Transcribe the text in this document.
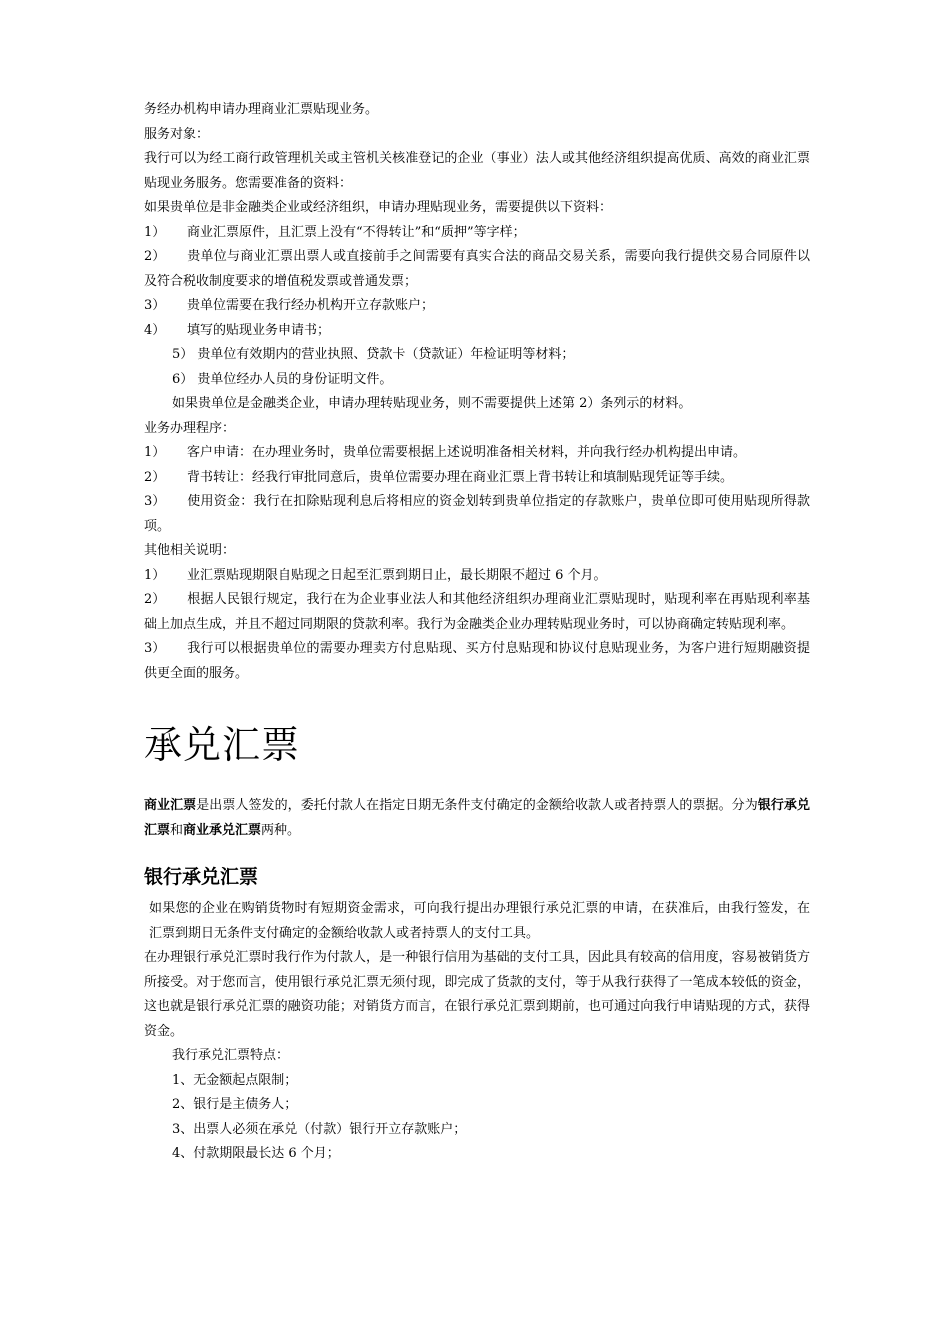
务经办机构申请办理商业汇票贴现业务。

服务对象：

我行可以为经工商行政管理机关或主管机关核准登记的企业（事业）法人或其他经济组织提高优质、高效的商业汇票贴现业务服务。您需要准备的资料：

如果贵单位是非金融类企业或经济组织，申请办理贴现业务，需要提供以下资料：

1） 商业汇票原件，且汇票上没有“不得转让”和“质押”等字样；

2） 贵单位与商业汇票出票人或直接前手之间需要有真实合法的商品交易关系，需要向我行提供交易合同原件以及符合税收制度要求的增值税发票或普通发票；

3） 贵单位需要在我行经办机构开立存款账户；

4） 填写的贴现业务申请书；

5） 贵单位有效期内的营业执照、贷款卡（贷款证）年检证明等材料；

6） 贵单位经办人员的身份证明文件。

如果贵单位是金融类企业，申请办理转贴现业务，则不需要提供上述第 2）条列示的材料。

业务办理程序：

1） 客户申请：在办理业务时，贵单位需要根据上述说明准备相关材料，并向我行经办机构提出申请。

2） 背书转让：经我行审批同意后，贵单位需要办理在商业汇票上背书转让和填制贴现凭证等手续。

3） 使用资金：我行在扣除贴现利息后将相应的资金划转到贵单位指定的存款账户，贵单位即可使用贴现所得款项。

其他相关说明：

1） 业汇票贴现期限自贴现之日起至汇票到期日止，最长期限不超过 6 个月。

2） 根据人民银行规定，我行在为企业事业法人和其他经济组织办理商业汇票贴现时，贴现利率在再贴现利率基础上加点生成，并且不超过同期限的贷款利率。我行为金融类企业办理转贴现业务时，可以协商确定转贴现利率。

3） 我行可以根据贵单位的需要办理卖方付息贴现、买方付息贴现和协议付息贴现业务，为客户进行短期融资提供更全面的服务。

承兑汇票

商业汇票是出票人签发的，委托付款人在指定日期无条件支付确定的金额给收款人或者持票人的票据。分为银行承兑汇票和商业承兑汇票两种。

银行承兑汇票

如果您的企业在购销货物时有短期资金需求，可向我行提出办理银行承兑汇票的申请，在获准后，由我行签发，在汇票到期日无条件支付确定的金额给收款人或者持票人的支付工具。

在办理银行承兑汇票时我行作为付款人，是一种银行信用为基础的支付工具，因此具有较高的信用度，容易被销货方所接受。对于您而言，使用银行承兑汇票无须付现，即完成了货款的支付，等于从我行获得了一笔成本较低的资金，这也就是银行承兑汇票的融资功能；对销货方而言，在银行承兑汇票到期前，也可通过向我行申请贴现的方式，获得资金。

我行承兑汇票特点：

1、无金额起点限制；

2、银行是主债务人；

3、出票人必须在承兑（付款）银行开立存款账户；

4、付款期限最长达 6 个月；
